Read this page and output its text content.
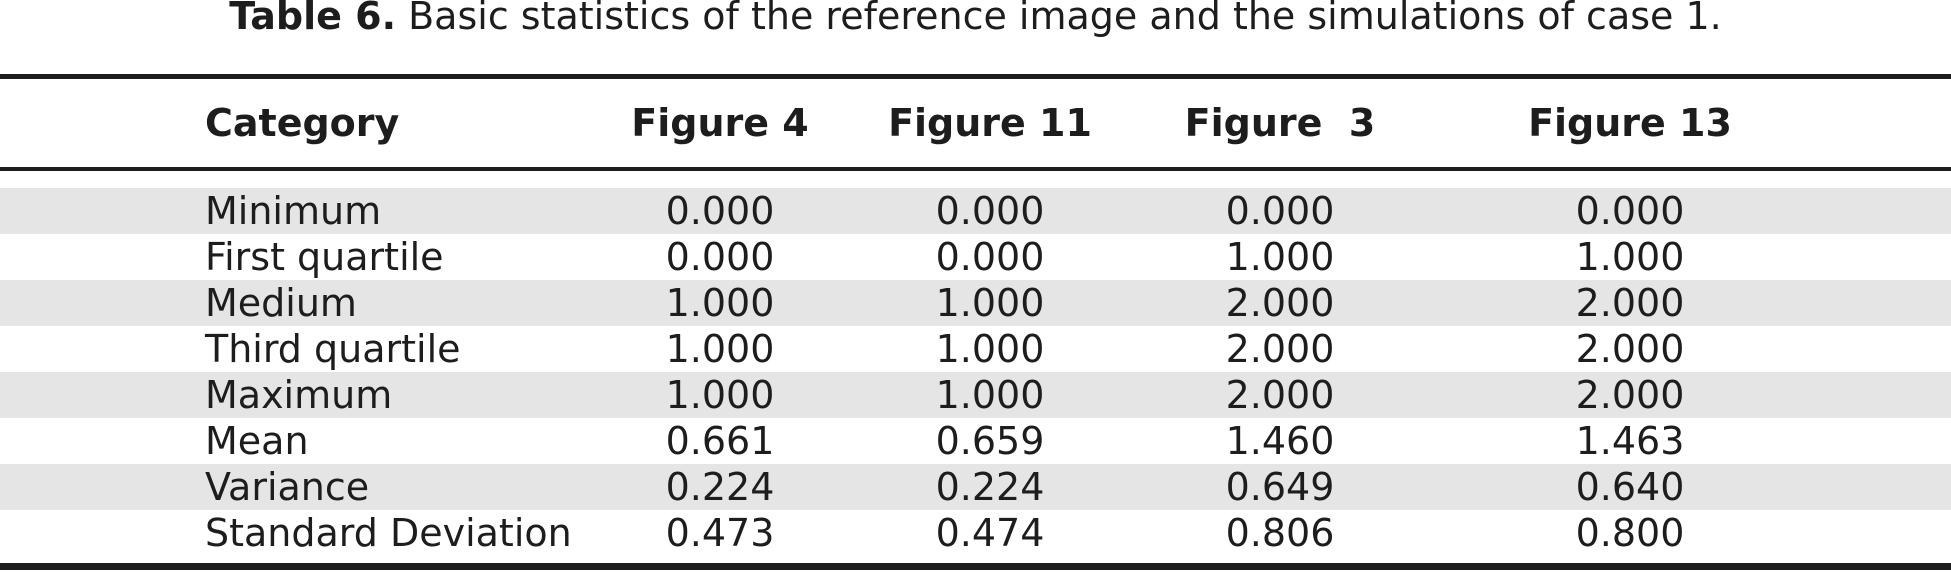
Table 6. Basic statistics of the reference image and the simulations of case 1.
Category	Figure 4	Figure 11	Figure  3	Figure 13
Minimum	0.000	0.000	0.000	0.000
First quartile	0.000	0.000	1.000	1.000
Medium	1.000	1.000	2.000	2.000
Third quartile	1.000	1.000	2.000	2.000
Maximum	1.000	1.000	2.000	2.000
Mean	0.661	0.659	1.460	1.463
Variance	0.224	0.224	0.649	0.640
Standard Deviation	0.473	0.474	0.806	0.800
